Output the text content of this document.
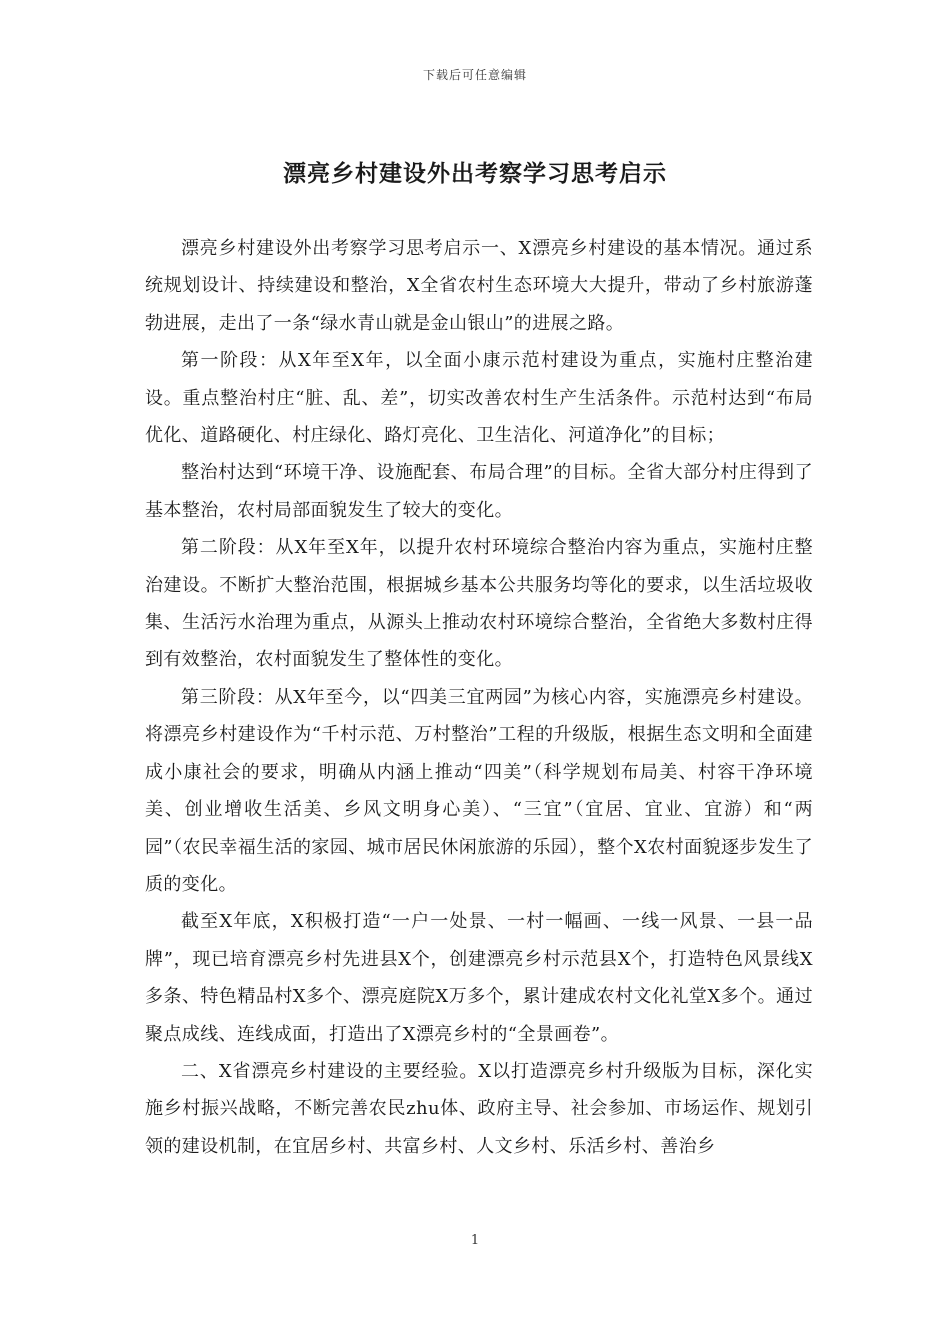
下载后可任意编辑
漂亮乡村建设外出考察学习思考启示

漂亮乡村建设外出考察学习思考启示一、X漂亮乡村建设的基本情况。通过系统规划设计、持续建设和整治，X全省农村生态环境大大提升，带动了乡村旅游蓬勃进展，走出了一条“绿水青山就是金山银山”的进展之路。

第一阶段：从X年至X年，以全面小康示范村建设为重点，实施村庄整治建设。重点整治村庄“脏、乱、差”，切实改善农村生产生活条件。示范村达到“布局优化、道路硬化、村庄绿化、路灯亮化、卫生洁化、河道净化”的目标；

整治村达到“环境干净、设施配套、布局合理”的目标。全省大部分村庄得到了基本整治，农村局部面貌发生了较大的变化。

第二阶段：从X年至X年，以提升农村环境综合整治内容为重点，实施村庄整治建设。不断扩大整治范围，根据城乡基本公共服务均等化的要求，以生活垃圾收集、生活污水治理为重点，从源头上推动农村环境综合整治，全省绝大多数村庄得到有效整治，农村面貌发生了整体性的变化。

第三阶段：从X年至今，以“四美三宜两园”为核心内容，实施漂亮乡村建设。将漂亮乡村建设作为“千村示范、万村整治”工程的升级版，根据生态文明和全面建成小康社会的要求，明确从内涵上推动“四美”（科学规划布局美、村容干净环境美、创业增收生活美、乡风文明身心美）、“三宜”（宜居、宜业、宜游）和“两园”（农民幸福生活的家园、城市居民休闲旅游的乐园），整个X农村面貌逐步发生了质的变化。

截至X年底，X积极打造“一户一处景、一村一幅画、一线一风景、一县一品牌”，现已培育漂亮乡村先进县X个，创建漂亮乡村示范县X个，打造特色风景线X多条、特色精品村X多个、漂亮庭院X万多个，累计建成农村文化礼堂X多个。通过聚点成线、连线成面，打造出了X漂亮乡村的“全景画卷”。

二、X省漂亮乡村建设的主要经验。X以打造漂亮乡村升级版为目标，深化实施乡村振兴战略，不断完善农民zhu体、政府主导、社会参加、市场运作、规划引领的建设机制，在宜居乡村、共富乡村、人文乡村、乐活乡村、善治乡

1
